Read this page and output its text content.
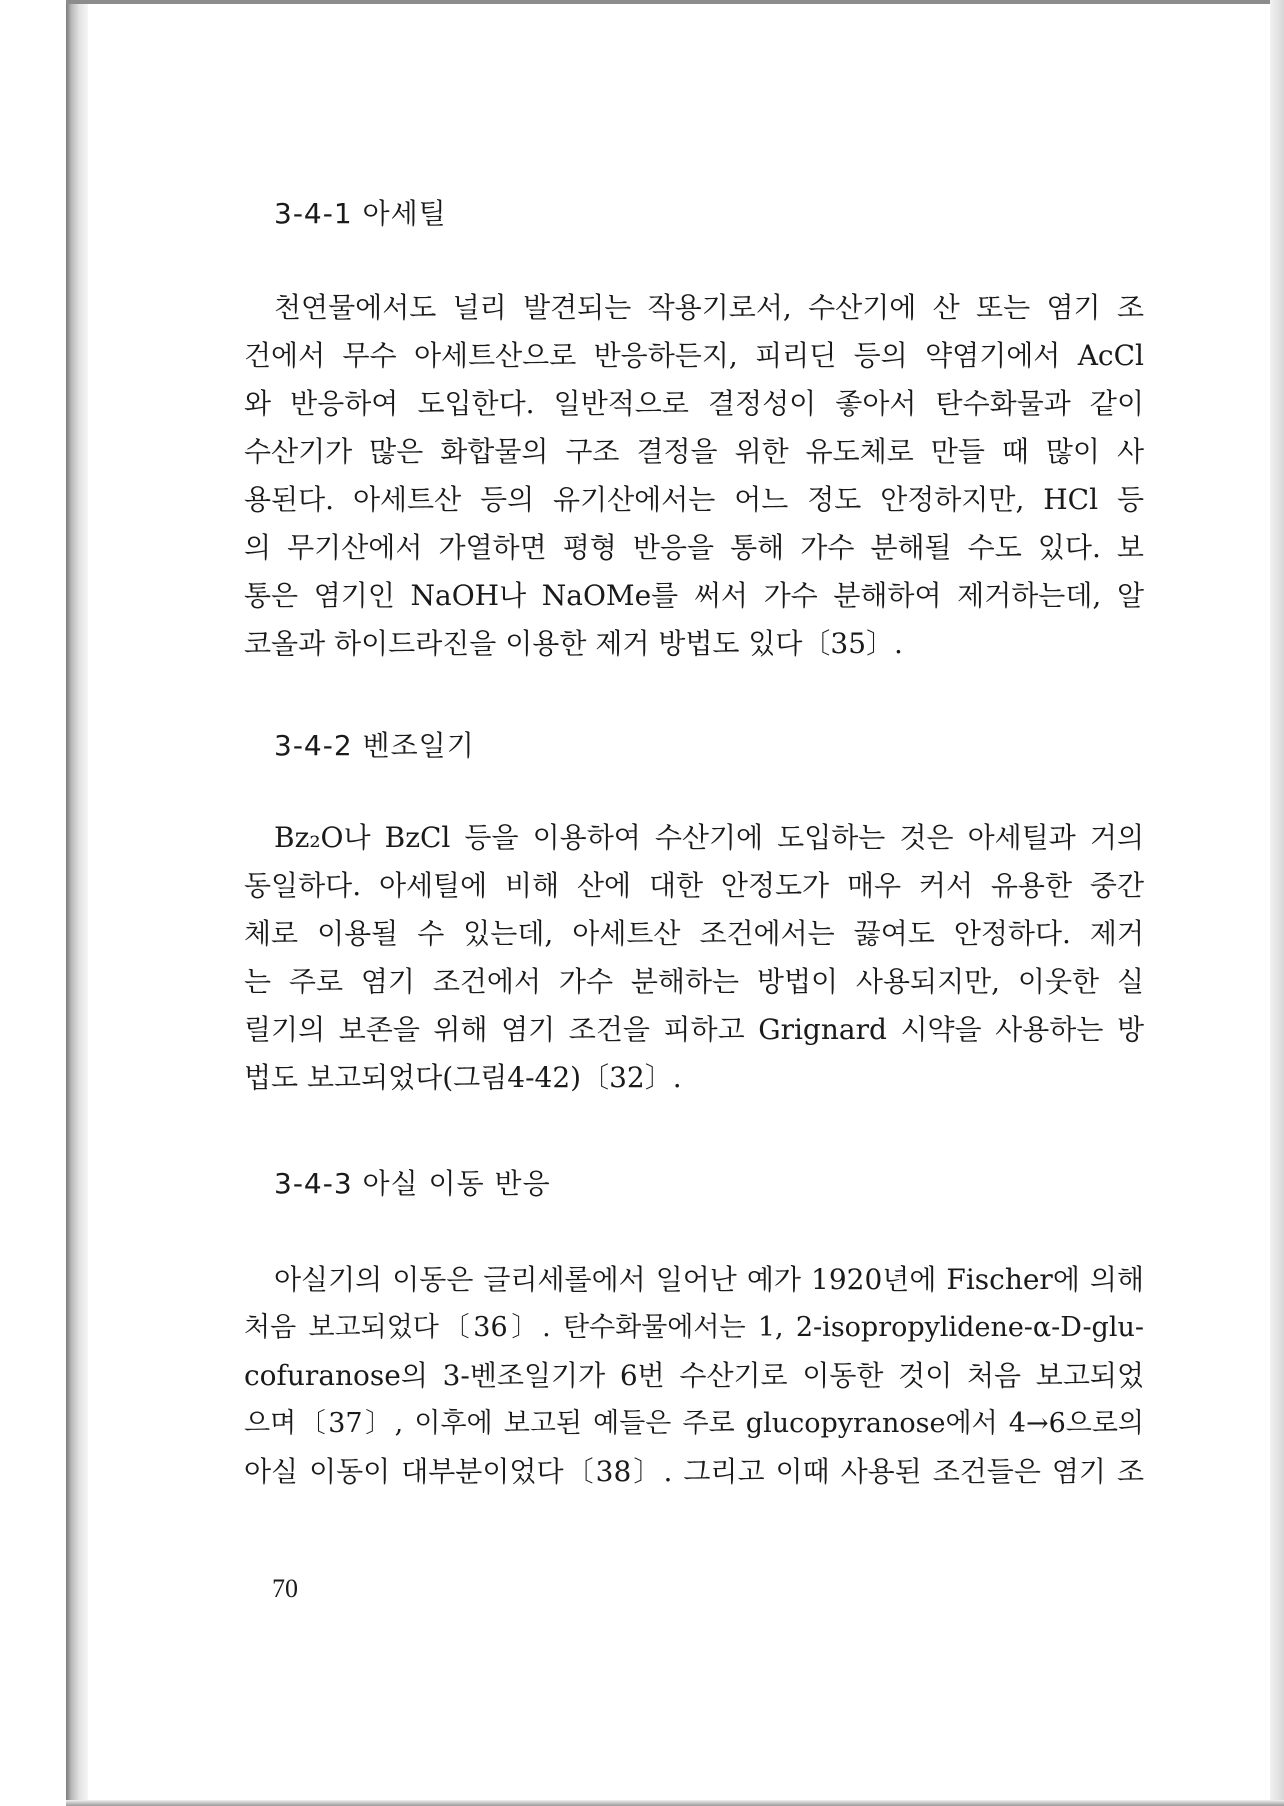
3-4-1 아세틸
천연물에서도 널리 발견되는 작용기로서, 수산기에 산 또는 염기 조
건에서 무수 아세트산으로 반응하든지, 피리딘 등의 약염기에서 AcCl
와 반응하여 도입한다. 일반적으로 결정성이 좋아서 탄수화물과 같이
수산기가 많은 화합물의 구조 결정을 위한 유도체로 만들 때 많이 사
용된다. 아세트산 등의 유기산에서는 어느 정도 안정하지만, HCl 등
의 무기산에서 가열하면 평형 반응을 통해 가수 분해될 수도 있다. 보
통은 염기인 NaOH나 NaOMe를 써서 가수 분해하여 제거하는데, 알
코올과 하이드라진을 이용한 제거 방법도 있다〔35〕.
3-4-2 벤조일기
Bz₂O나 BzCl 등을 이용하여 수산기에 도입하는 것은 아세틸과 거의
동일하다. 아세틸에 비해 산에 대한 안정도가 매우 커서 유용한 중간
체로 이용될 수 있는데, 아세트산 조건에서는 끓여도 안정하다. 제거
는 주로 염기 조건에서 가수 분해하는 방법이 사용되지만, 이웃한 실
릴기의 보존을 위해 염기 조건을 피하고 Grignard 시약을 사용하는 방
법도 보고되었다(그림4-42)〔32〕.
3-4-3 아실 이동 반응
아실기의 이동은 글리세롤에서 일어난 예가 1920년에 Fischer에 의해
처음 보고되었다〔36〕. 탄수화물에서는 1, 2-isopropylidene-α-D-glu-
cofuranose의 3-벤조일기가 6번 수산기로 이동한 것이 처음 보고되었
으며〔37〕, 이후에 보고된 예들은 주로 glucopyranose에서 4→6으로의
아실 이동이 대부분이었다〔38〕. 그리고 이때 사용된 조건들은 염기 조
70
